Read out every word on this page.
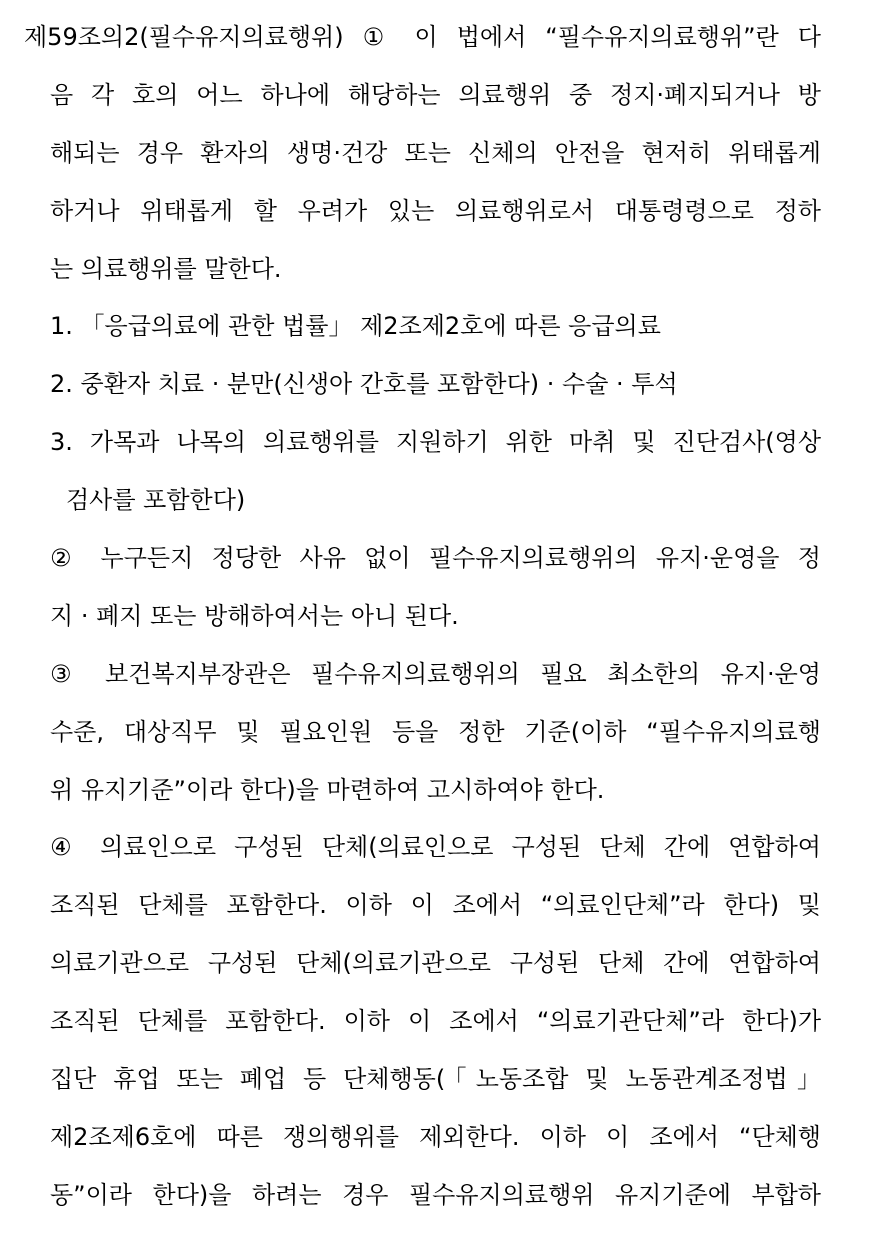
제59조의2(필수유지의료행위) ① 이 법에서 “필수유지의료행위”란 다
음 각 호의 어느 하나에 해당하는 의료행위 중 정지·폐지되거나 방
해되는 경우 환자의 생명·건강 또는 신체의 안전을 현저히 위태롭게
하거나 위태롭게 할 우려가 있는 의료행위로서 대통령령으로 정하
는 의료행위를 말한다.
1. 「응급의료에 관한 법률」 제2조제2호에 따른 응급의료
2. 중환자 치료 · 분만(신생아 간호를 포함한다) · 수술 · 투석
3. 가목과 나목의 의료행위를 지원하기 위한 마취 및 진단검사(영상
검사를 포함한다)
② 누구든지 정당한 사유 없이 필수유지의료행위의 유지·운영을 정
지 · 폐지 또는 방해하여서는 아니 된다.
③ 보건복지부장관은 필수유지의료행위의 필요 최소한의 유지·운영
수준, 대상직무 및 필요인원 등을 정한 기준(이하 “필수유지의료행
위 유지기준”이라 한다)을 마련하여 고시하여야 한다.
④ 의료인으로 구성된 단체(의료인으로 구성된 단체 간에 연합하여
조직된 단체를 포함한다. 이하 이 조에서 “의료인단체”라 한다) 및
의료기관으로 구성된 단체(의료기관으로 구성된 단체 간에 연합하여
조직된 단체를 포함한다. 이하 이 조에서 “의료기관단체”라 한다)가
집단 휴업 또는 폐업 등 단체행동(「노동조합 및 노동관계조정법」
제2조제6호에 따른 쟁의행위를 제외한다. 이하 이 조에서 “단체행
동”이라 한다)을 하려는 경우 필수유지의료행위 유지기준에 부합하
